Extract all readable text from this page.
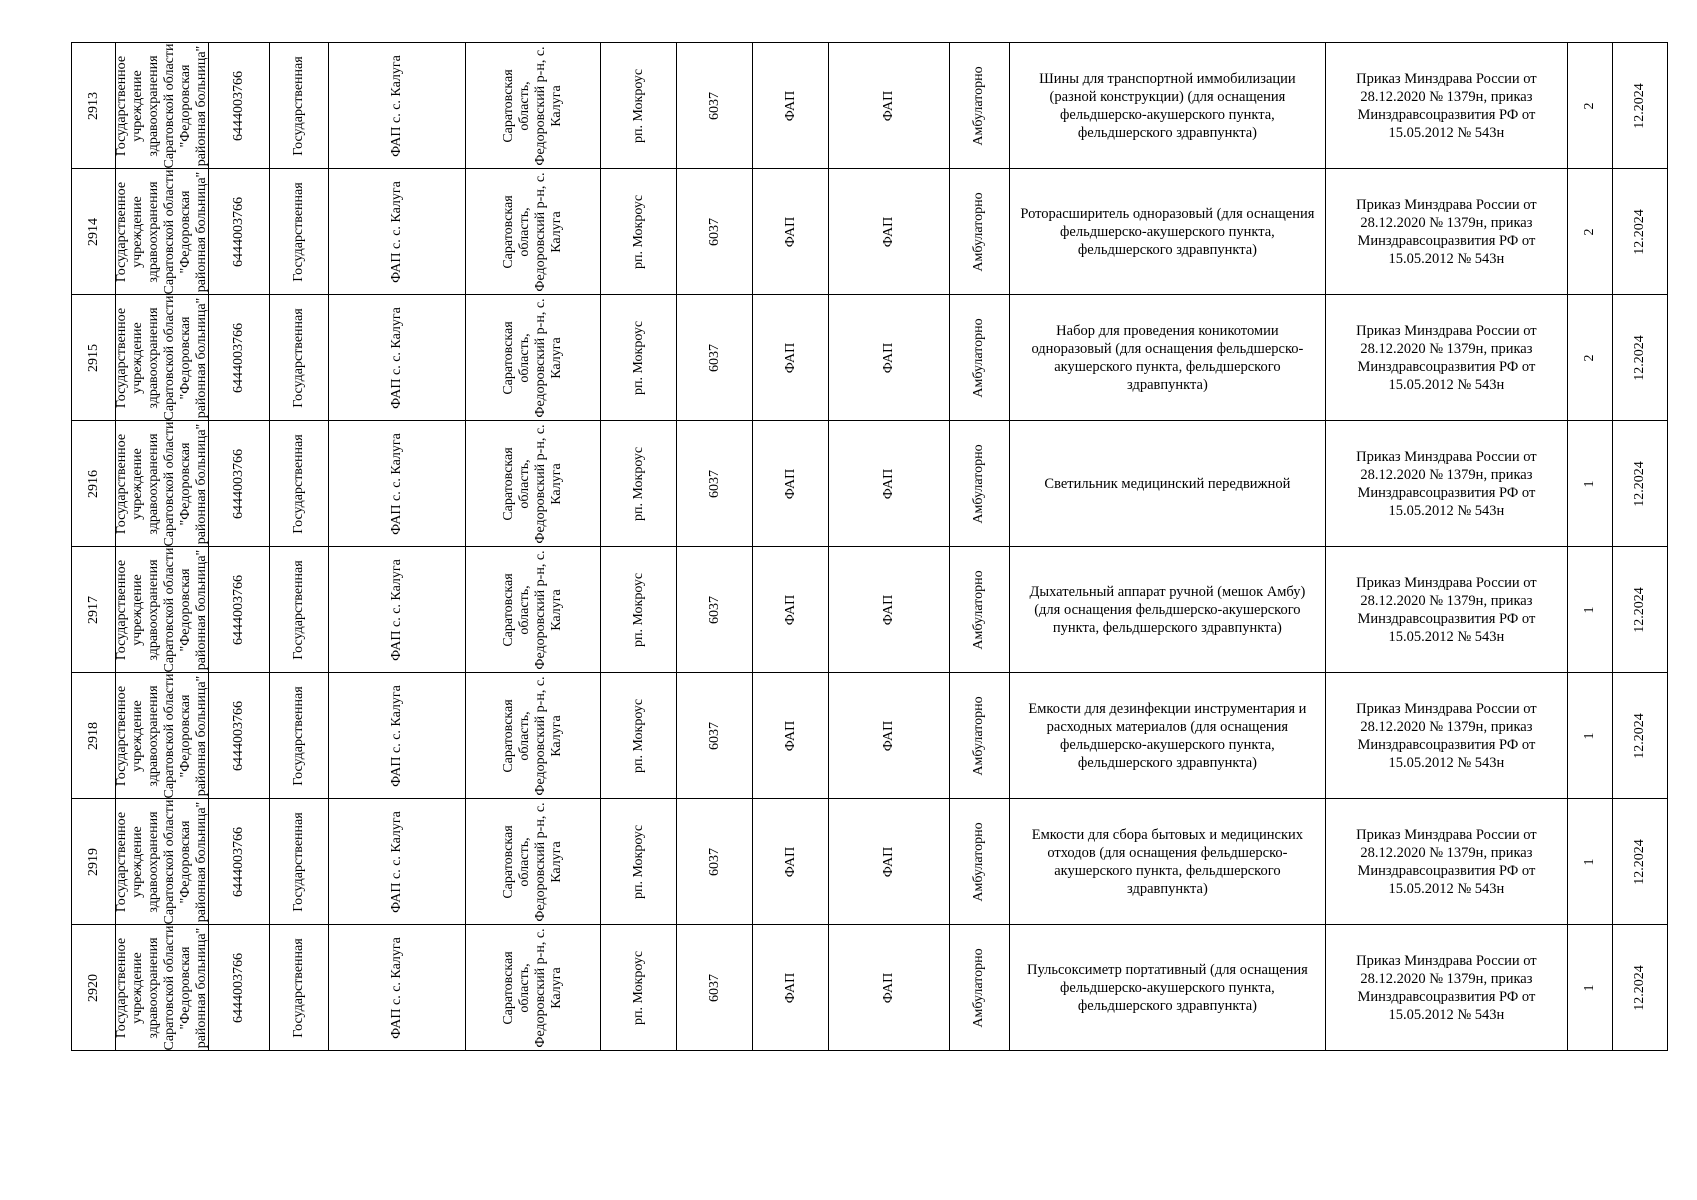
2913	Государственное учреждение здравоохранения Саратовской области "Федоровская районная больница"	6444003766	Государственная	ФАП с. с. Калуга	Саратовская область, Федоровский р-н, с. Калуга	рп. Мокроус	6037	ФАП	ФАП	Амбулаторно	Шины для транспортной иммобилизации (разной конструкции) (для оснащения фельдшерско-акушерского пункта, фельдшерского здравпункта)	Приказ Минздрава России от 28.12.2020 № 1379н, приказ Минздравсоцразвития РФ от 15.05.2012 № 543н	2	12.2024

2914	Государственное учреждение здравоохранения Саратовской области "Федоровская районная больница"	6444003766	Государственная	ФАП с. с. Калуга	Саратовская область, Федоровский р-н, с. Калуга	рп. Мокроус	6037	ФАП	ФАП	Амбулаторно	Роторасширитель одноразовый (для оснащения фельдшерско-акушерского пункта, фельдшерского здравпункта)	Приказ Минздрава России от 28.12.2020 № 1379н, приказ Минздравсоцразвития РФ от 15.05.2012 № 543н	2	12.2024

2915	Государственное учреждение здравоохранения Саратовской области "Федоровская районная больница"	6444003766	Государственная	ФАП с. с. Калуга	Саратовская область, Федоровский р-н, с. Калуга	рп. Мокроус	6037	ФАП	ФАП	Амбулаторно	Набор для проведения коникотомии одноразовый (для оснащения фельдшерско-акушерского пункта, фельдшерского здравпункта)	Приказ Минздрава России от 28.12.2020 № 1379н, приказ Минздравсоцразвития РФ от 15.05.2012 № 543н	2	12.2024

2916	Государственное учреждение здравоохранения Саратовской области "Федоровская районная больница"	6444003766	Государственная	ФАП с. с. Калуга	Саратовская область, Федоровский р-н, с. Калуга	рп. Мокроус	6037	ФАП	ФАП	Амбулаторно	Светильник медицинский передвижной	Приказ Минздрава России от 28.12.2020 № 1379н, приказ Минздравсоцразвития РФ от 15.05.2012 № 543н	1	12.2024

2917	Государственное учреждение здравоохранения Саратовской области "Федоровская районная больница"	6444003766	Государственная	ФАП с. с. Калуга	Саратовская область, Федоровский р-н, с. Калуга	рп. Мокроус	6037	ФАП	ФАП	Амбулаторно	Дыхательный аппарат ручной (мешок Амбу) (для оснащения фельдшерско-акушерского пункта, фельдшерского здравпункта)	Приказ Минздрава России от 28.12.2020 № 1379н, приказ Минздравсоцразвития РФ от 15.05.2012 № 543н	1	12.2024

2918	Государственное учреждение здравоохранения Саратовской области "Федоровская районная больница"	6444003766	Государственная	ФАП с. с. Калуга	Саратовская область, Федоровский р-н, с. Калуга	рп. Мокроус	6037	ФАП	ФАП	Амбулаторно	Емкости для дезинфекции инструментария и расходных материалов (для оснащения фельдшерско-акушерского пункта, фельдшерского здравпункта)	Приказ Минздрава России от 28.12.2020 № 1379н, приказ Минздравсоцразвития РФ от 15.05.2012 № 543н	1	12.2024

2919	Государственное учреждение здравоохранения Саратовской области "Федоровская районная больница"	6444003766	Государственная	ФАП с. с. Калуга	Саратовская область, Федоровский р-н, с. Калуга	рп. Мокроус	6037	ФАП	ФАП	Амбулаторно	Емкости для сбора бытовых и медицинских отходов (для оснащения фельдшерско-акушерского пункта, фельдшерского здравпункта)	Приказ Минздрава России от 28.12.2020 № 1379н, приказ Минздравсоцразвития РФ от 15.05.2012 № 543н	1	12.2024

2920	Государственное учреждение здравоохранения Саратовской области "Федоровская районная больница"	6444003766	Государственная	ФАП с. с. Калуга	Саратовская область, Федоровский р-н, с. Калуга	рп. Мокроус	6037	ФАП	ФАП	Амбулаторно	Пульсоксиметр портативный (для оснащения фельдшерско-акушерского пункта, фельдшерского здравпункта)	Приказ Минздрава России от 28.12.2020 № 1379н, приказ Минздравсоцразвития РФ от 15.05.2012 № 543н	1	12.2024
